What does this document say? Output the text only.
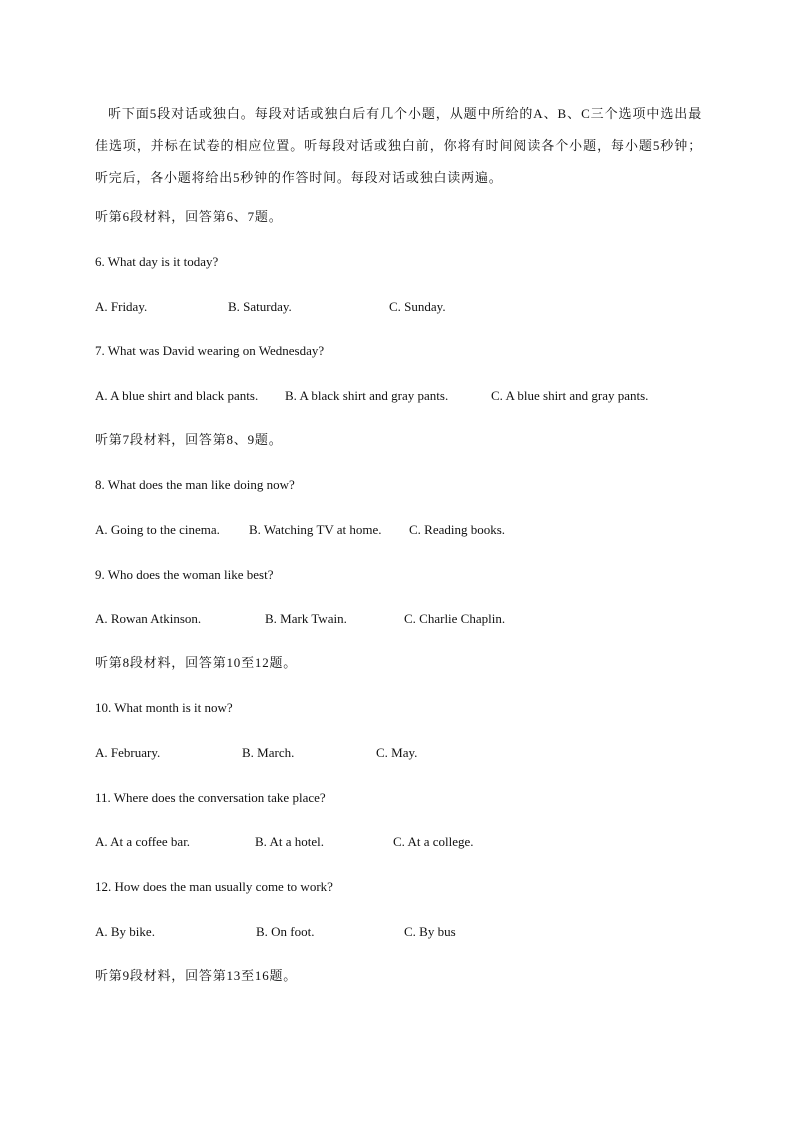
听下面5段对话或独白。每段对话或独白后有几个小题，从题中所给的A、B、C三个选项中选出最佳选项，并标在试卷的相应位置。听每段对话或独白前，你将有时间阅读各个小题，每小题5秒钟；听完后，各小题将给出5秒钟的作答时间。每段对话或独白读两遍。
听第6段材料，回答第6、7题。
6. What day is it today?
A. Friday.	B. Saturday.	C. Sunday.
7. What was David wearing on Wednesday?
A. A blue shirt and black pants. B. A black shirt and gray pants.	C. A blue shirt and gray pants.
听第7段材料，回答第8、9题。
8. What does the man like doing now?
A. Going to the cinema. B. Watching TV at home. C. Reading books.
9. Who does the woman like best?
A. Rowan Atkinson.	B. Mark Twain.	C. Charlie Chaplin.
听第8段材料，回答第10至12题。
10. What month is it now?
A. February.	B. March.	C. May.
11. Where does the conversation take place?
A. At a coffee bar.	B. At a hotel.	C. At a college.
12. How does the man usually come to work?
A. By bike.	B. On foot.	C. By bus
听第9段材料，回答第13至16题。
